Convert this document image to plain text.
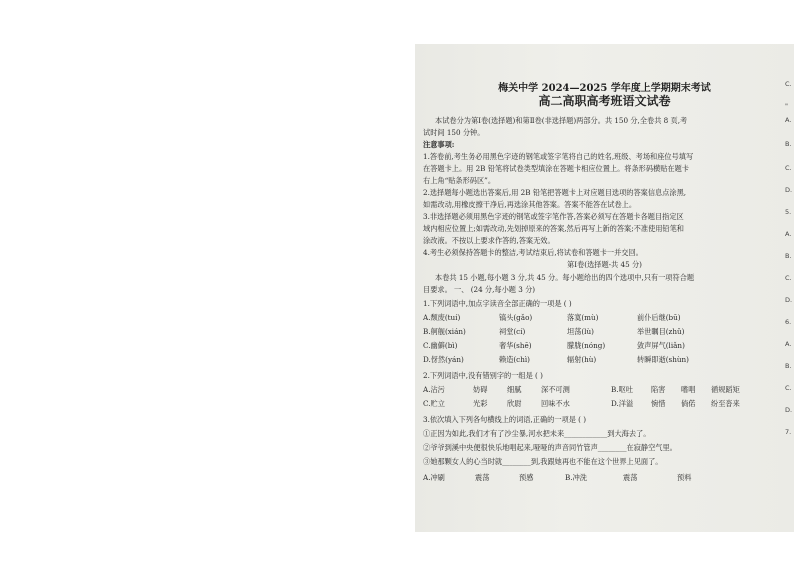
梅关中学 2024—2025 学年度上学期期末考试
高二高职高考班语文试卷
本试卷分为第Ⅰ卷(选择题)和第Ⅱ卷(非选择题)两部分。共 150 分,全卷共 8 页,考
试时间 150 分钟。
注意事项:
1.答卷前,考生务必用黑色字迹的钢笔或签字笔将自己的姓名,班级、考场和座位号填写
在答题卡上。用 2B 铅笔将试卷类型填涂在答题卡相应位置上。将条形码横贴在题卡
右上角“贴条形码区”。
2.选择题每小题选出答案后,用 2B 铅笔把答题卡上对应题目选项的答案信息点涂黑,
如需改动,用橡皮擦干净后,再选涂其他答案。答案不能答在试卷上。
3.非选择题必须用黑色字迹的钢笔或签字笔作答,答案必须写在答题卡各题目指定区
域内相应位置上;如需改动,先划掉原来的答案,然后再写上新的答案;不准使用铅笔和
涂改液。不按以上要求作答的,答案无效。
4.考生必须保持答题卡的整洁,考试结束后,将试卷和答题卡一并交回。
第Ⅰ卷(选择题-共 45 分)
本卷共 15 小题,每小题 3 分,共 45 分。每小题给出的四个选项中,只有一项符合题
目要求。 一、 (24 分,每小题 3 分)
1.下列词语中,加点字读音全部正确的一项是 ( )
A.颓废(tuí)	镐头(gǎo)	落寞(mù)	前仆后继(bū)
B.舸舰(xián)	祠堂(cí)	坦荡(lù)	举世瞩目(zhǔ)
C.幽僻(bì)	奢华(shē)	朦胧(nóng)	敛声屏气(liǎn)
D.伢然(yán)	赖造(chì)	辐射(hù)	转瞬即逝(shùn)
2.下列词语中,没有错别字的一组是 ( )
A.沾污	妨碍	细腻	深不可测	B.呕吐	陷害 嗜唱 循规蹈矩
C.贮立	光彩	欣尉	回味不水	D.洋溢 惋惜 倘偌 纷至沓来
3.依次填入下列各句横线上的词语,正确的一项是 ( )
①正因为如此,我们才有了沙尘暴,河水把未来____________到大海去了。
②爷爷到溪中央便很快乐地唱起来,哑哑的声音同竹管声________在寂静空气里。
③她那颗女人的心当时就________到,我跟她再也不能在这个世界上见面了。
A.冲刷	震荡	预感	B.冲洗	震荡	预料
C.
"
A.
B.
C.
D.
5.
A.
B.
C.
D.
6.
A.
B.
C.
D.
7.
